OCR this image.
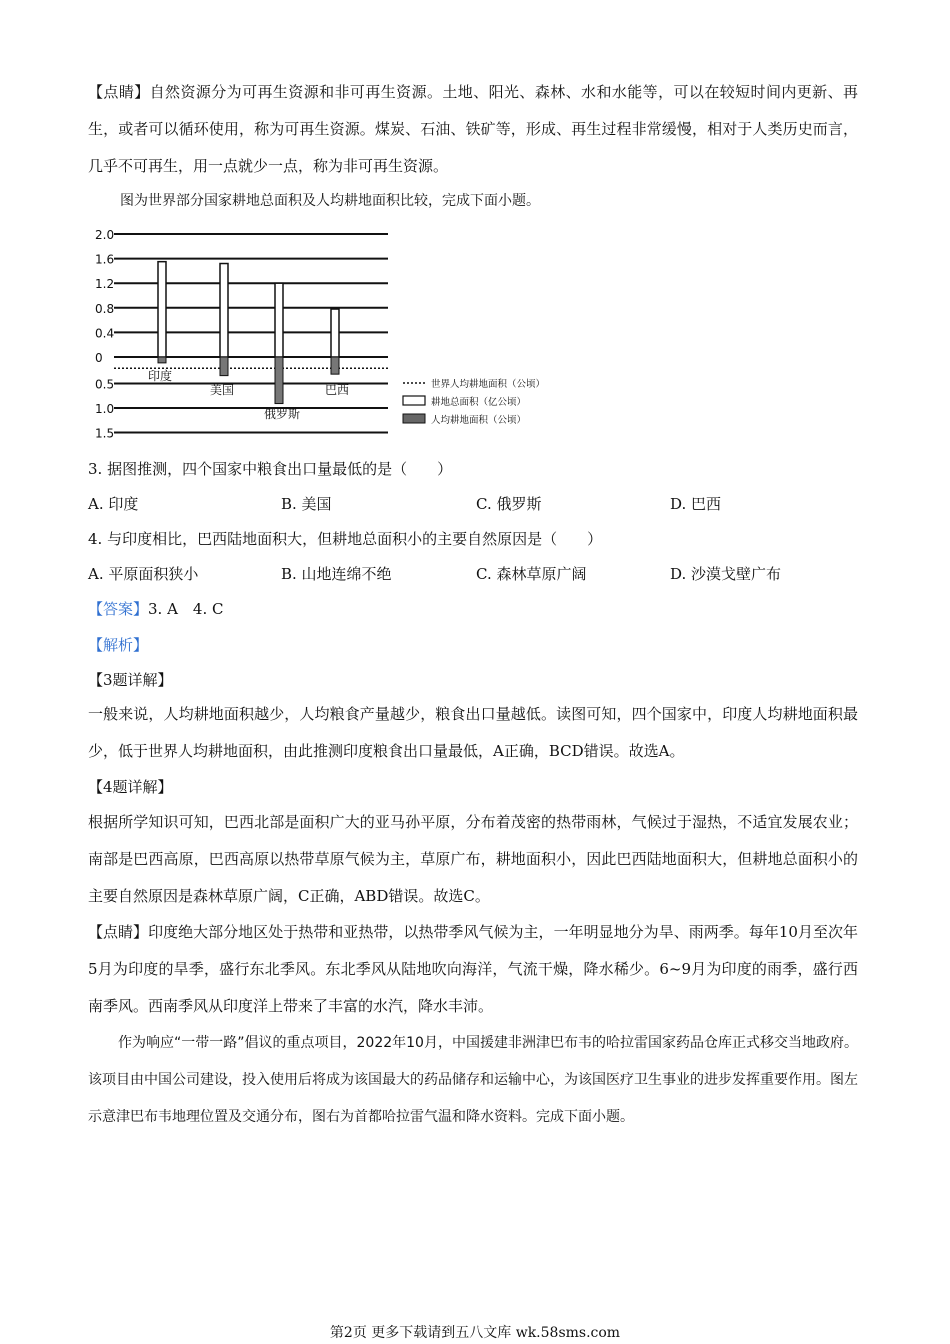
【点睛】自然资源分为可再生资源和非可再生资源。土地、阳光、森林、水和水能等，可以在较短时间内更新、再生，或者可以循环使用，称为可再生资源。煤炭、石油、铁矿等，形成、再生过程非常缓慢，相对于人类历史而言，几乎不可再生，用一点就少一点，称为非可再生资源。

图为世界部分国家耕地总面积及人均耕地面积比较，完成下面小题。
2.0
1.6
1.2
0.8
0.4
0
0.5
1.0
1.5
印度
美国
俄罗斯
巴西	世界人均耕地面积（公顷）
耕地总面积（亿公顷）
人均耕地面积（公顷）
3. 据图推测，四个国家中粮食出口量最低的是（　　）
A. 印度	B. 美国	C. 俄罗斯	D. 巴西
4. 与印度相比，巴西陆地面积大，但耕地总面积小的主要自然原因是（　　）
A. 平原面积狭小	B. 山地连绵不绝	C. 森林草原广阔	D. 沙漠戈壁广布
【答案】3. A　4. C
【解析】
【3题详解】

一般来说，人均耕地面积越少，人均粮食产量越少，粮食出口量越低。读图可知，四个国家中，印度人均耕地面积最少，低于世界人均耕地面积，由此推测印度粮食出口量最低，A正确，BCD错误。故选A。

【4题详解】

根据所学知识可知，巴西北部是面积广大的亚马孙平原，分布着茂密的热带雨林，气候过于湿热，不适宜发展农业；南部是巴西高原，巴西高原以热带草原气候为主，草原广布，耕地面积小，因此巴西陆地面积大，但耕地总面积小的主要自然原因是森林草原广阔，C正确，ABD错误。故选C。

【点睛】印度绝大部分地区处于热带和亚热带，以热带季风气候为主，一年明显地分为旱、雨两季。每年10月至次年5月为印度的旱季，盛行东北季风。东北季风从陆地吹向海洋，气流干燥，降水稀少。6~9月为印度的雨季，盛行西南季风。西南季风从印度洋上带来了丰富的水汽，降水丰沛。

作为响应“一带一路”倡议的重点项目，2022年10月，中国援建非洲津巴布韦的哈拉雷国家药品仓库正式移交当地政府。该项目由中国公司建设，投入使用后将成为该国最大的药品储存和运输中心，为该国医疗卫生事业的进步发挥重要作用。图左示意津巴布韦地理位置及交通分布，图右为首都哈拉雷气温和降水资料。完成下面小题。

第2页 更多下载请到五八文库 wk.58sms.com
